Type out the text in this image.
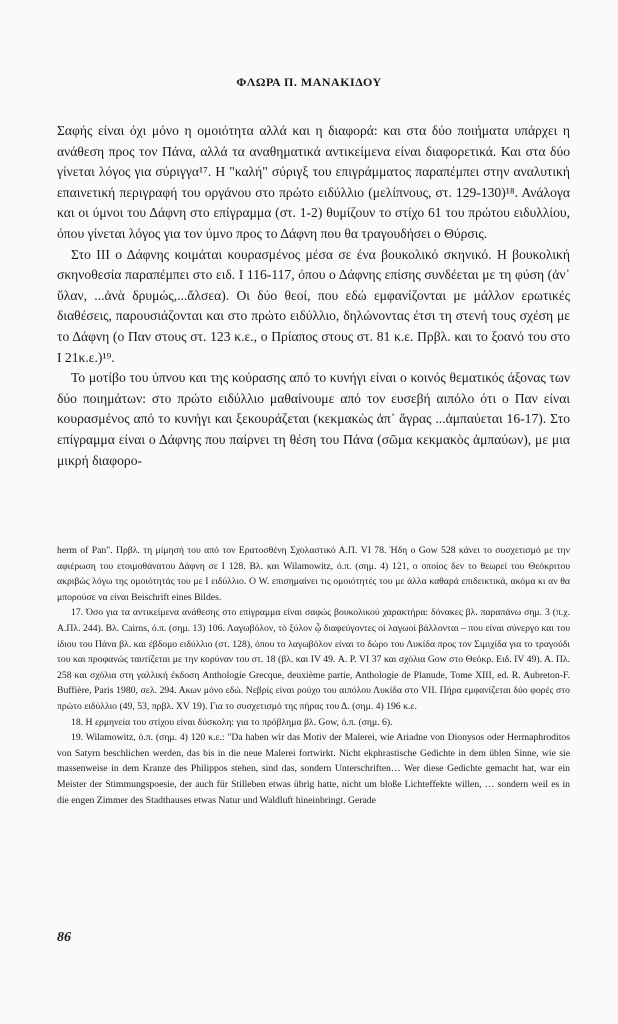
ΦΛΩΡΑ Π. ΜΑΝΑΚΙΔΟΥ

Σαφής είναι όχι μόνο η ομοιότητα αλλά και η διαφορά: και στα δύο ποιήματα υπάρχει η ανάθεση προς τον Πάνα, αλλά τα αναθηματικά αντικείμενα είναι διαφορετικά. Και στα δύο γίνεται λόγος για σύριγγα¹⁷. Η "καλή" σύριγξ του επιγράμματος παραπέμπει στην αναλυτική επαινετική περιγραφή του οργάνου στο πρώτο ειδύλλιο (μελίπνους, στ. 129-130)¹⁸. Ανάλογα και οι ύμνοι του Δάφνη στο επίγραμμα (στ. 1-2) θυμίζουν το στίχο 61 του πρώτου ειδυλλίου, όπου γίνεται λόγος για τον ύμνο προς το Δάφνη που θα τραγουδήσει ο Θύρσις.

Στο ΙΙΙ ο Δάφνης κοιμάται κουρασμένος μέσα σε ένα βουκολικό σκηνικό. Η βουκολική σκηνοθεσία παραπέμπει στο ειδ. Ι 116-117, όπου ο Δάφνης επίσης συνδέεται με τη φύση (ἀν᾽ ὕλαν, ...ἀνὰ δρυμώς,...ἄλσεα). Οι δύο θεοί, που εδώ εμφανίζονται με μάλλον ερωτικές διαθέσεις, παρουσιάζονται και στο πρώτο ειδύλλιο, δηλώνοντας έτσι τη στενή τους σχέση με το Δάφνη (ο Παν στους στ. 123 κ.ε., ο Πρίαπος στους στ. 81 κ.ε. Πρβλ. και το ξοανό του στο Ι 21κ.ε.)¹⁹.

Το μοτίβο του ύπνου και της κούρασης από το κυνήγι είναι ο κοινός θεματικός άξονας των δύο ποιημάτων: στο πρώτο ειδύλλιο μαθαίνουμε από τον ευσεβή αιπόλο ότι ο Παν είναι κουρασμένος από το κυνήγι και ξεκουράζεται (κεκμακὼς ἀπ᾽ ἄγρας ...ἀμπαύεται 16-17). Στο επίγραμμα είναι ο Δάφνης που παίρνει τη θέση του Πάνα (σῶμα κεκμακὸς ἀμπαύων), με μια μικρή διαφορο-

herm of Pan". Πρβλ. τη μίμησή του από τον Ερατοσθένη Σχολαστικό Α.Π. VI 78. Ήδη ο Gow 528 κάνει το συσχετισμό με την αφιέρωση του ετοιμοθάνατου Δάφνη σε Ι 128. Βλ. και Wilamowitz, ό.π. (σημ. 4) 121, ο οποίος δεν το θεωρεί του Θεόκριτου ακριβώς λόγω της ομοιότητάς του με Ι ειδύλλιο. Ο W. επισημαίνει τις ομοιότητές του με άλλα καθαρά επιδεικτικά, ακόμα κι αν θα μπορούσε να είναι Beischrift eines Bildes.

17. Όσο για τα αντικείμενα ανάθεσης στο επίγραμμα είναι σαφώς βουκολικού χαρακτήρα: δόνακες βλ. παραπάνω σημ. 3 (π.χ. Α.Πλ. 244). Βλ. Cairns, ό.π. (σημ. 13) 106. Λαγωβόλον, τὸ ξύλον ᾧ διαφεύγοντες οἱ λαγωοί βάλλονται – που είναι σύνεργο και του ίδιου του Πάνα βλ. και έβδομο ειδύλλιο (στ. 128), όπου το λαγωβόλον είναι το δώρο του Λυκίδα προς τον Σιμιχίδα για το τραγούδι του και προφανώς ταυτίζεται με την κορύναν του στ. 18 (βλ. και IV 49. Α. Ρ. VI 37 και σχόλια Gow στο Θεόκρ. Ειδ. IV 49). Α. Πλ. 258 και σχόλια στη γαλλική έκδοση Anthologie Grecque, deuxième partie, Anthologie de Planude, Tome XIII, ed. R. Aubreton-F. Buffière, Paris 1980, σελ. 294. Ακων μόνο εδώ. Νεβρίς είναι ρούχο του αιπόλου Λυκίδα στο VII. Πήρα εμφανίζεται δύο φορές στο πρώτο ειδύλλιο (49, 53, πρβλ. XV 19). Για το συσχετισμό της πήρας του Δ. (σημ. 4) 196 κ.ε.

18. Η ερμηνεία του στίχου είναι δύσκολη: για το πρόβλημα βλ. Gow, ό.π. (σημ. 6).

19. Wilamowitz, ό.π. (σημ. 4) 120 κ.ε.: "Da haben wir das Motiv der Malerei, wie Ariadne von Dionysos oder Hermaphroditos von Satyrn beschlichen werden, das bis in die neue Malerei fortwirkt. Nicht ekphrastische Gedichte in dem üblen Sinne, wie sie massenweise in dem Kranze des Philippos stehen, sind das, sondern Unterschriften… Wer diese Gedichte gemacht hat, war ein Meister der Stimmungspoesie, der auch für Stilleben etwas übrig hatte, nicht um bloße Lichteffekte willen, … sondern weil es in die engen Zimmer des Stadthauses etwas Natur und Waldluft hineinbringt. Gerade

86
